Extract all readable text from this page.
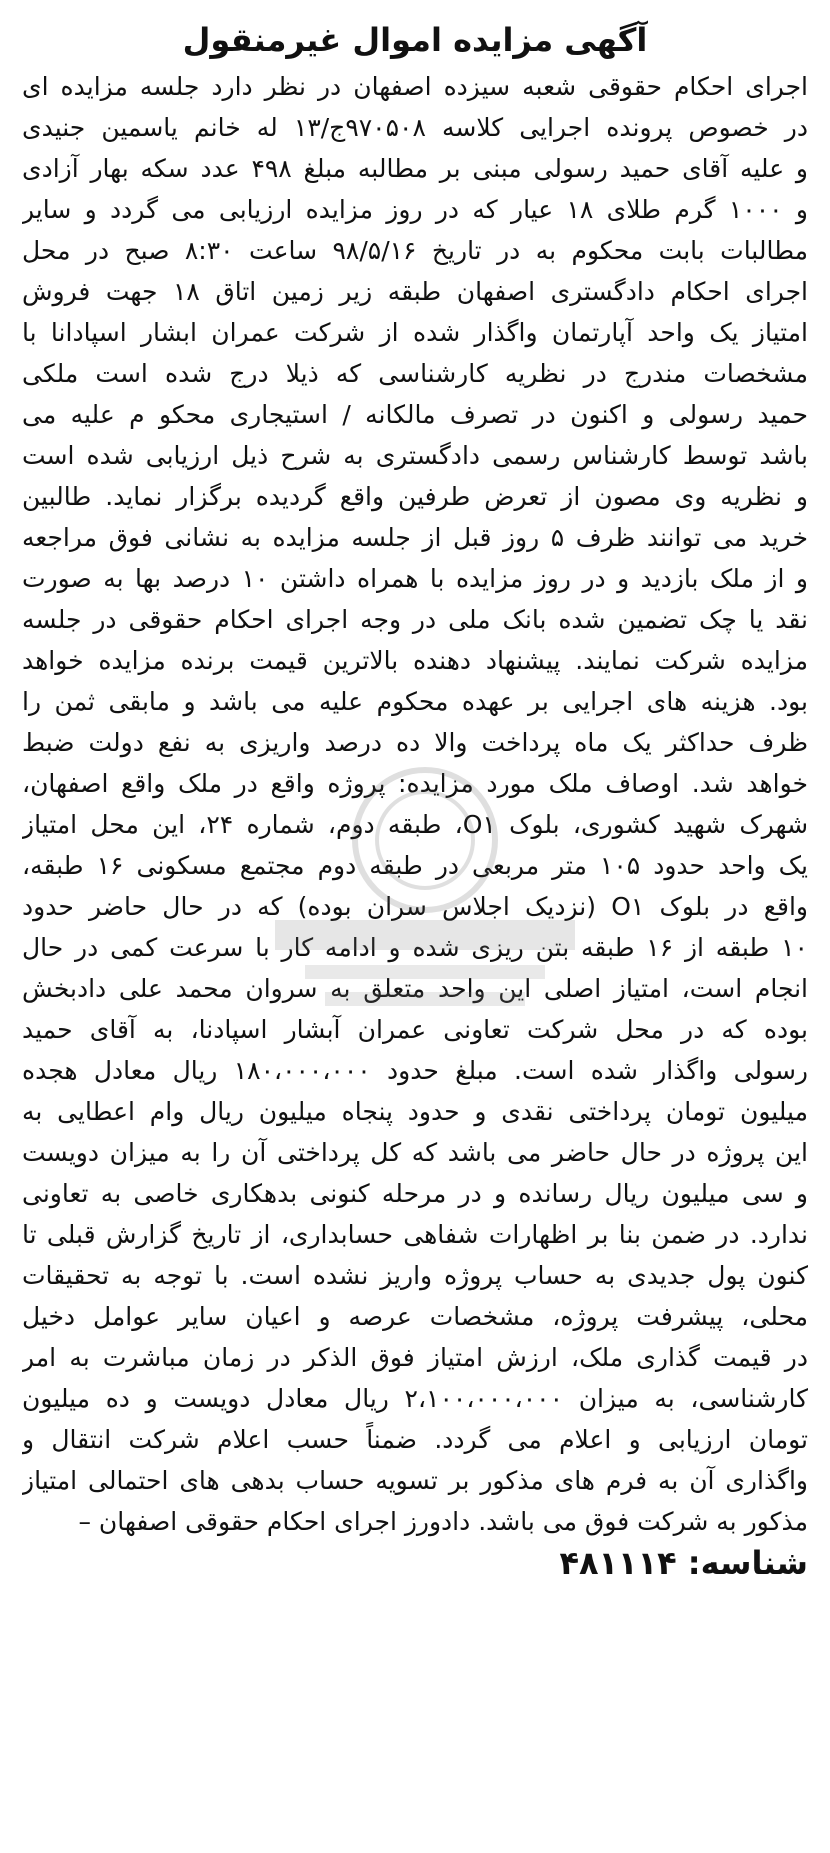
آگهی مزایده اموال غیرمنقول
اجرای احکام حقوقی شعبه سیزده اصفهان در نظر دارد جلسه مزایده ای
در خصوص پرونده اجرایی کلاسه ۹۷۰۵۰۸ج/۱۳ له خانم یاسمین جنیدی
و علیه آقای حمید رسولی مبنی بر مطالبه مبلغ ۴۹۸ عدد سکه بهار آزادی
و ۱۰۰۰ گرم طلای ۱۸ عیار که در روز مزایده ارزیابی می گردد و سایر
مطالبات بابت محکوم به در تاریخ ۹۸/۵/۱۶ ساعت ۸:۳۰ صبح در محل
اجرای احکام دادگستری اصفهان طبقه زیر زمین اتاق ۱۸ جهت فروش
امتیاز یک واحد آپارتمان واگذار شده از شرکت عمران ابشار اسپادانا با
مشخصات مندرج در نظریه کارشناسی که ذیلا درج شده است ملکی
حمید رسولی و اکنون در تصرف مالکانه / استیجاری محکو م علیه می
باشد توسط کارشناس رسمی دادگستری به شرح ذیل ارزیابی شده است
و نظریه وی مصون از تعرض طرفین واقع گردیده برگزار نماید. طالبین
خرید می توانند ظرف ۵ روز قبل از جلسه مزایده به نشانی فوق مراجعه
و از ملک بازدید و در روز مزایده با همراه داشتن ۱۰ درصد بها به صورت
نقد یا چک تضمین شده بانک ملی در وجه اجرای احکام حقوقی در جلسه
مزایده شرکت نمایند. پیشنهاد دهنده بالاترین قیمت برنده مزایده خواهد
بود. هزینه های اجرایی بر عهده محکوم علیه می باشد و مابقی ثمن را
ظرف حداکثر یک ماه پرداخت والا ده درصد واریزی به نفع دولت ضبط
خواهد شد. اوصاف ملک مورد مزایده: پروژه واقع در ملک واقع اصفهان،
شهرک شهید کشوری، بلوک O۱، طبقه دوم، شماره ۲۴، این محل امتیاز
یک واحد حدود ۱۰۵ متر مربعی در طبقه دوم مجتمع مسکونی ۱۶ طبقه،
واقع در بلوک O۱ (نزدیک اجلاس سران بوده) که در حال حاضر حدود
۱۰ طبقه از ۱۶ طبقه بتن ریزی شده و ادامه کار با سرعت کمی در حال
انجام است، امتیاز اصلی این واحد متعلق به سروان محمد علی دادبخش
بوده که در محل شرکت تعاونی عمران آبشار اسپادنا، به آقای حمید
رسولی واگذار شده است. مبلغ حدود ۱۸۰،۰۰۰،۰۰۰ ریال معادل هجده
میلیون تومان پرداختی نقدی و حدود پنجاه میلیون ریال وام اعطایی به
این پروژه در حال حاضر می باشد که کل پرداختی آن را به میزان دویست
و سی میلیون ریال رسانده و در مرحله کنونی بدهکاری خاصی به تعاونی
ندارد. در ضمن بنا بر اظهارات شفاهی حسابداری، از تاریخ گزارش قبلی تا
کنون پول جدیدی به حساب پروژه واریز نشده است. با توجه به تحقیقات
محلی، پیشرفت پروژه، مشخصات عرصه و اعیان سایر عوامل دخیل
در قیمت گذاری ملک، ارزش امتیاز فوق الذکر در زمان مباشرت به امر
کارشناسی، به میزان ۲،۱۰۰،۰۰۰،۰۰۰ ریال معادل دویست و ده میلیون
تومان ارزیابی و اعلام می گردد. ضمناً حسب اعلام شرکت انتقال و
واگذاری آن به فرم های مذکور بر تسویه حساب بدهی های احتمالی امتیاز
مذکور به شرکت فوق می باشد. دادورز اجرای احکام حقوقی اصفهان –
شناسه: ۴۸۱۱۱۴
